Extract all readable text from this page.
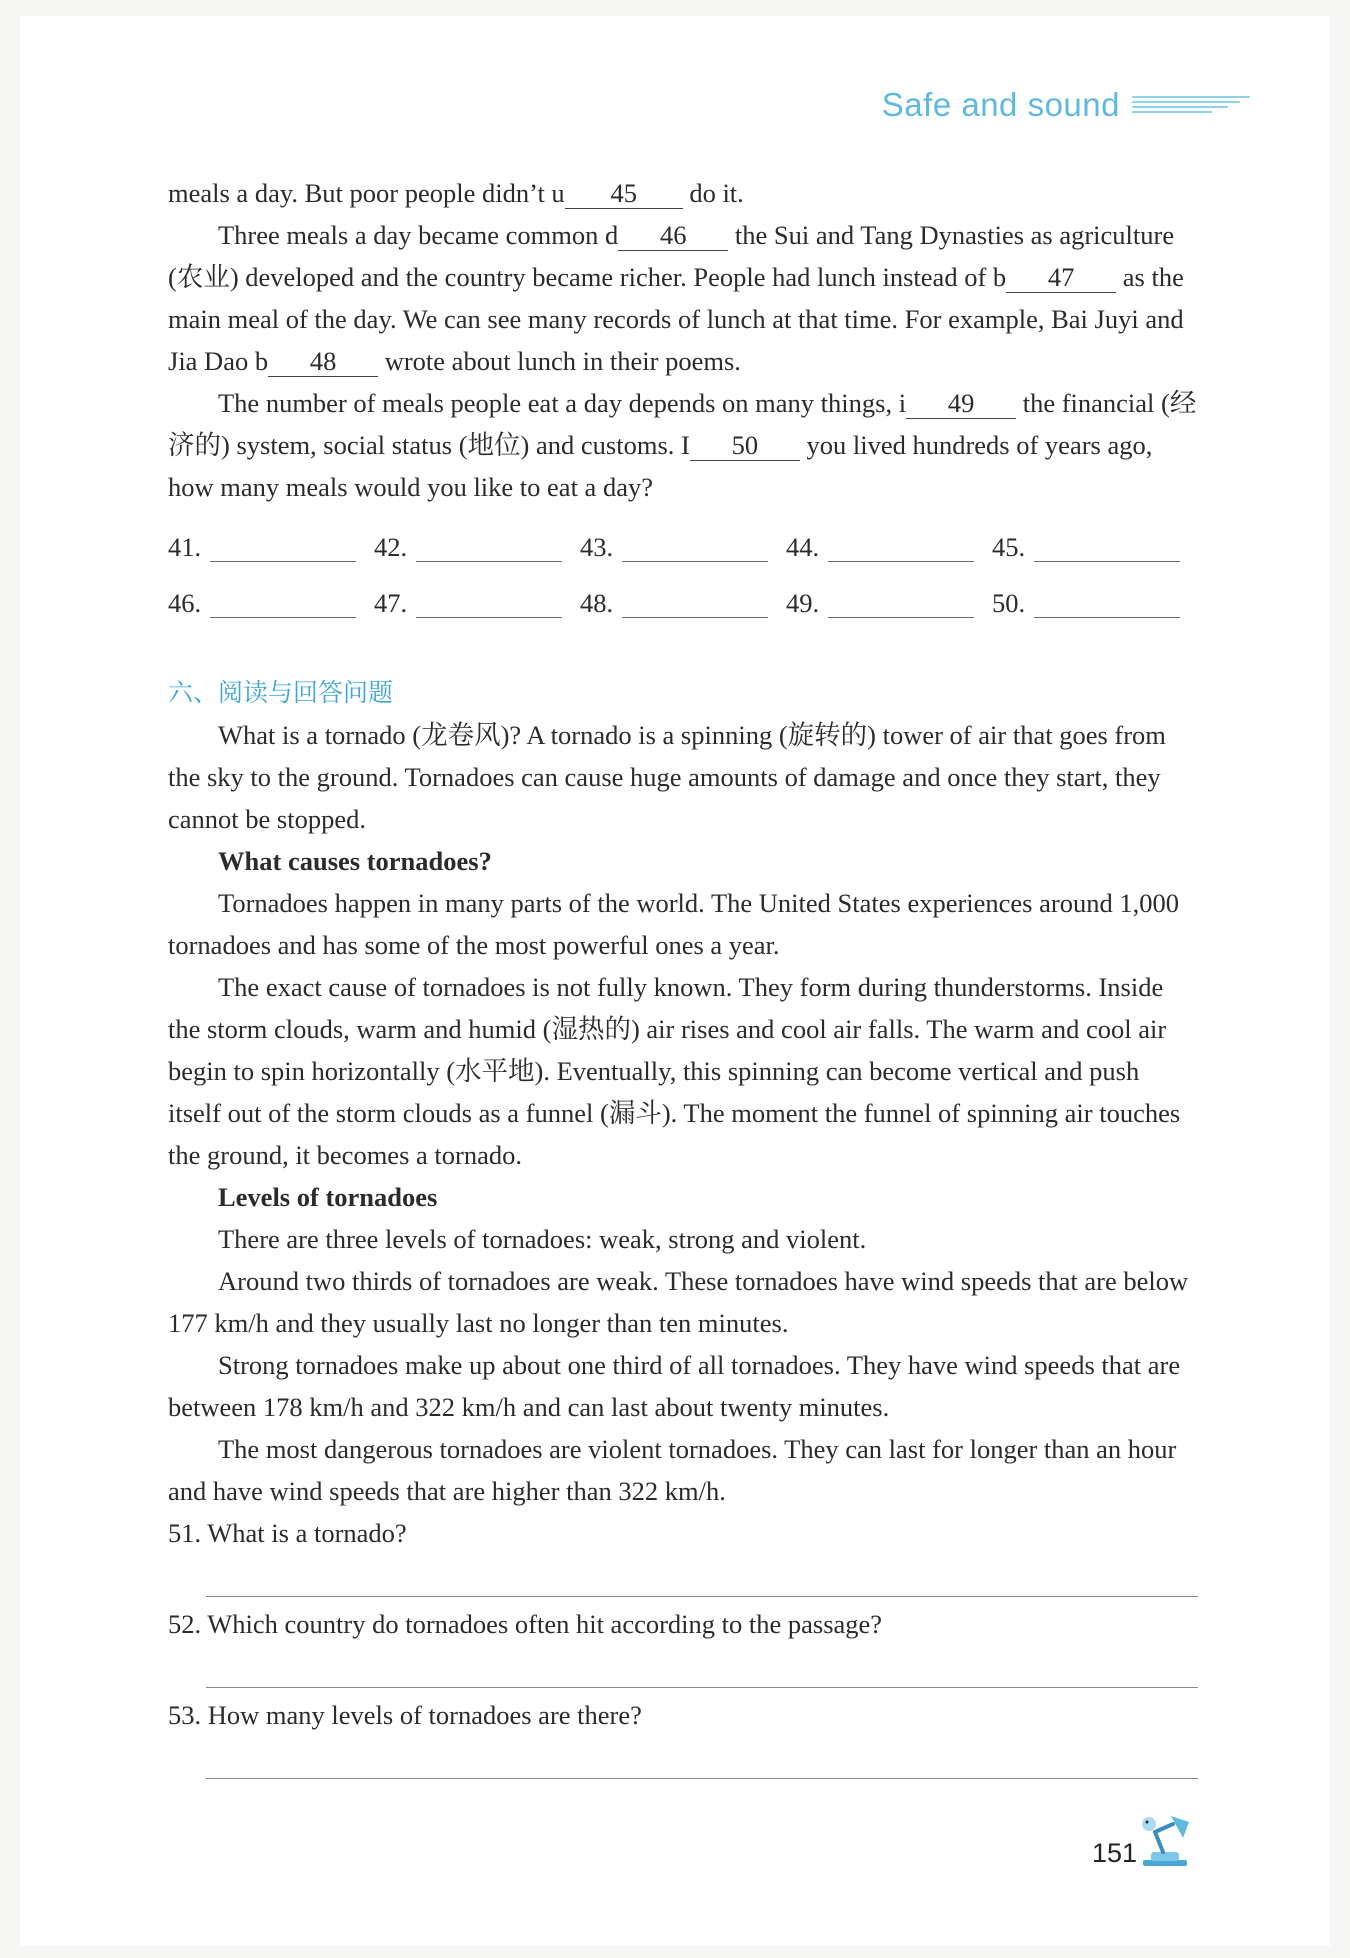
Safe and sound

meals a day. But poor people didn’t u 45 do it.

Three meals a day became common d 46 the Sui and Tang Dynasties as agriculture (农业) developed and the country became richer. People had lunch instead of b 47 as the main meal of the day. We can see many records of lunch at that time. For example, Bai Juyi and Jia Dao b 48 wrote about lunch in their poems.

The number of meals people eat a day depends on many things, i 49 the financial (经济的) system, social status (地位) and customs. I 50 you lived hundreds of years ago, how many meals would you like to eat a day?

41.	42.	43.	44.	45.
46.	47.	48.	49.	50.

六、阅读与回答问题

What is a tornado (龙卷风)? A tornado is a spinning (旋转的) tower of air that goes from the sky to the ground. Tornadoes can cause huge amounts of damage and once they start, they cannot be stopped.

What causes tornadoes?

Tornadoes happen in many parts of the world. The United States experiences around 1,000 tornadoes and has some of the most powerful ones a year.

The exact cause of tornadoes is not fully known. They form during thunderstorms. Inside the storm clouds, warm and humid (湿热的) air rises and cool air falls. The warm and cool air begin to spin horizontally (水平地). Eventually, this spinning can become vertical and push itself out of the storm clouds as a funnel (漏斗). The moment the funnel of spinning air touches the ground, it becomes a tornado.

Levels of tornadoes

There are three levels of tornadoes: weak, strong and violent.

Around two thirds of tornadoes are weak. These tornadoes have wind speeds that are below 177 km/h and they usually last no longer than ten minutes.

Strong tornadoes make up about one third of all tornadoes. They have wind speeds that are between 178 km/h and 322 km/h and can last about twenty minutes.

The most dangerous tornadoes are violent tornadoes. They can last for longer than an hour and have wind speeds that are higher than 322 km/h.

51. What is a tornado?

52. Which country do tornadoes often hit according to the passage?

53. How many levels of tornadoes are there?

151
